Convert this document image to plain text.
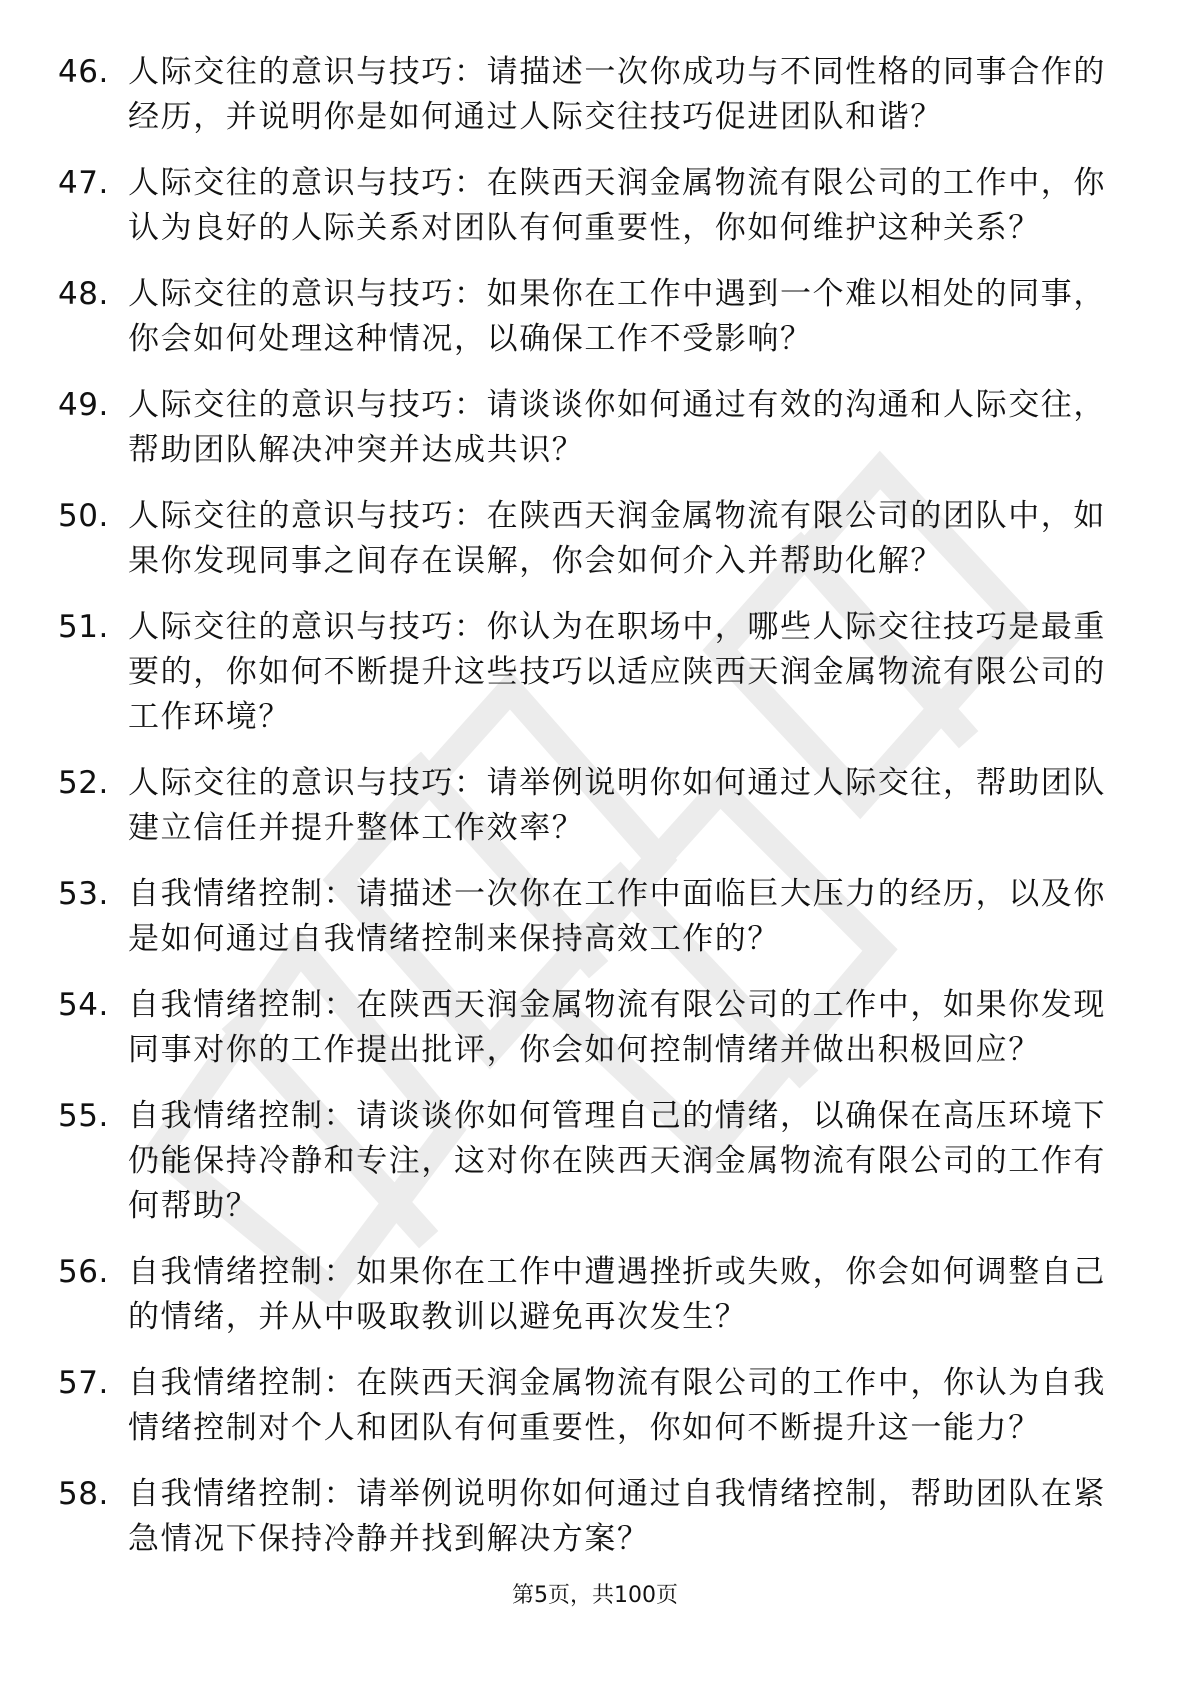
46. 人际交往的意识与技巧：请描述一次你成功与不同性格的同事合作的经历，并说明你是如何通过人际交往技巧促进团队和谐？
47. 人际交往的意识与技巧：在陕西天润金属物流有限公司的工作中，你认为良好的人际关系对团队有何重要性，你如何维护这种关系？
48. 人际交往的意识与技巧：如果你在工作中遇到一个难以相处的同事，你会如何处理这种情况，以确保工作不受影响？
49. 人际交往的意识与技巧：请谈谈你如何通过有效的沟通和人际交往，帮助团队解决冲突并达成共识？
50. 人际交往的意识与技巧：在陕西天润金属物流有限公司的团队中，如果你发现同事之间存在误解，你会如何介入并帮助化解？
51. 人际交往的意识与技巧：你认为在职场中，哪些人际交往技巧是最重要的，你如何不断提升这些技巧以适应陕西天润金属物流有限公司的工作环境？
52. 人际交往的意识与技巧：请举例说明你如何通过人际交往，帮助团队建立信任并提升整体工作效率？
53. 自我情绪控制：请描述一次你在工作中面临巨大压力的经历，以及你是如何通过自我情绪控制来保持高效工作的？
54. 自我情绪控制：在陕西天润金属物流有限公司的工作中，如果你发现同事对你的工作提出批评，你会如何控制情绪并做出积极回应？
55. 自我情绪控制：请谈谈你如何管理自己的情绪，以确保在高压环境下仍能保持冷静和专注，这对你在陕西天润金属物流有限公司的工作有何帮助？
56. 自我情绪控制：如果你在工作中遭遇挫折或失败，你会如何调整自己的情绪，并从中吸取教训以避免再次发生？
57. 自我情绪控制：在陕西天润金属物流有限公司的工作中，你认为自我情绪控制对个人和团队有何重要性，你如何不断提升这一能力？
58. 自我情绪控制：请举例说明你如何通过自我情绪控制，帮助团队在紧急情况下保持冷静并找到解决方案？
第5页，共100页
